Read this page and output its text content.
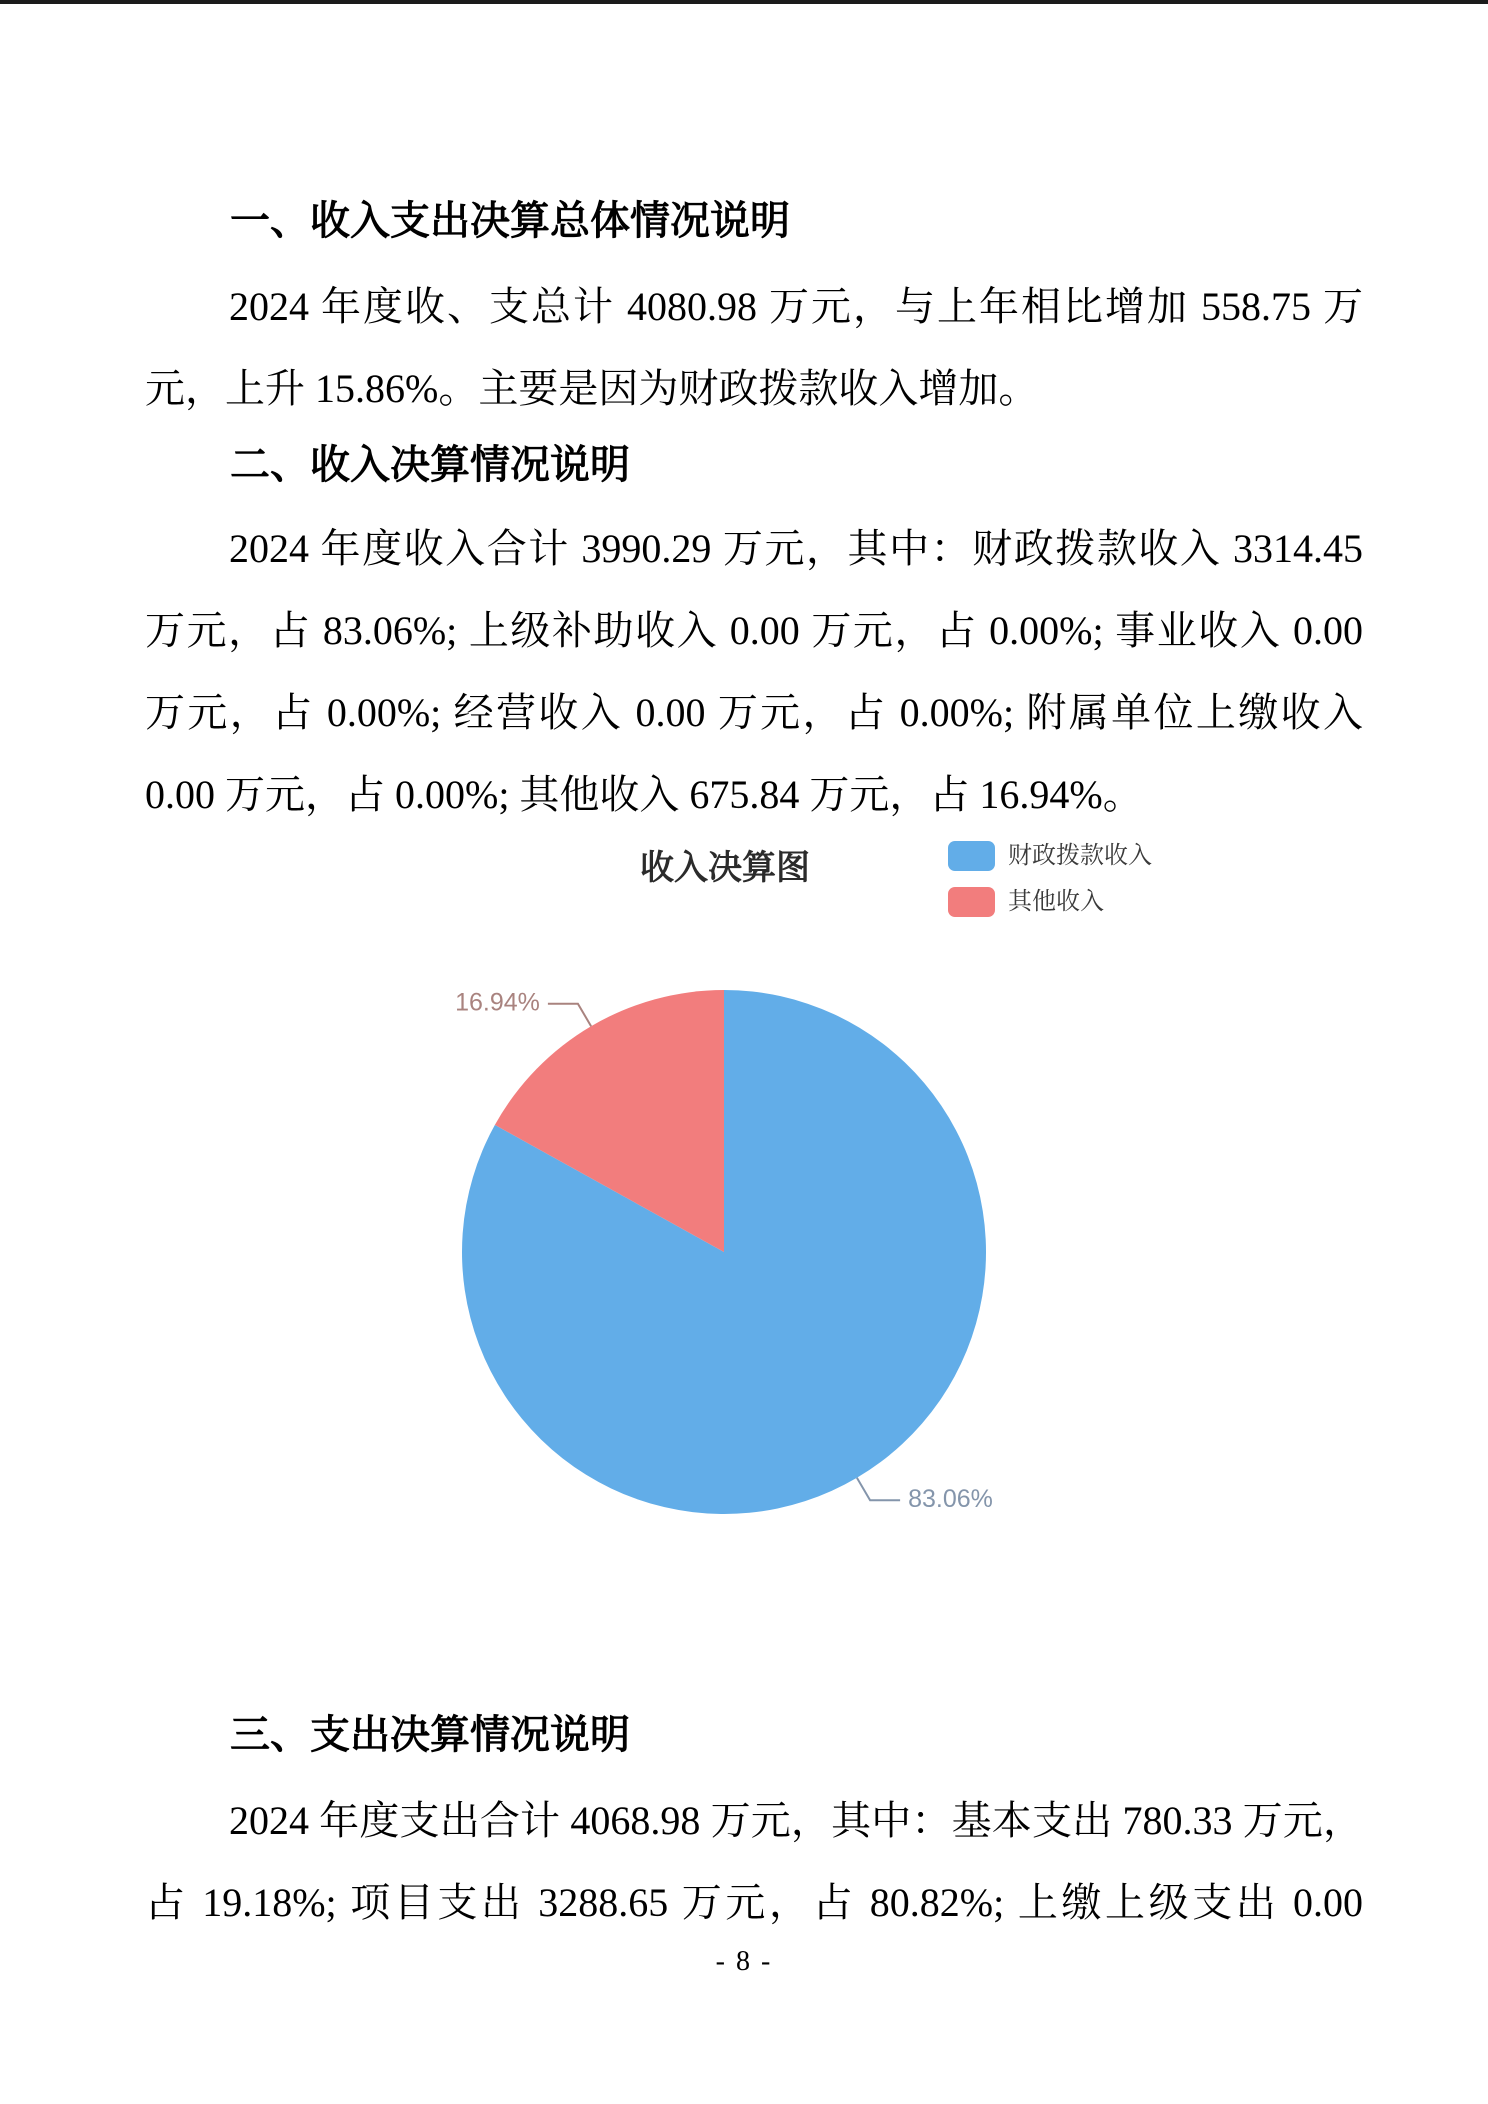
一、收入支出决算总体情况说明
2024 年度收、支总计 4080.98 万元，与上年相比增加 558.75 万
元，上升 15.86%。主要是因为财政拨款收入增加。
二、收入决算情况说明
2024 年度收入合计 3990.29 万元，其中：财政拨款收入 3314.45
万元，占 83.06%; 上级补助收入 0.00 万元，占 0.00%; 事业收入 0.00
万元，占 0.00%; 经营收入 0.00 万元，占 0.00%; 附属单位上缴收入
0.00 万元，占 0.00%; 其他收入 675.84 万元，占 16.94%。
收入决算图	财政拨款收入
其他收入
83.06%
16.94%
三、支出决算情况说明
2024 年度支出合计 4068.98 万元，其中：基本支出 780.33 万元，
占 19.18%; 项目支出 3288.65 万元，占 80.82%; 上缴上级支出 0.00
- 8 -
